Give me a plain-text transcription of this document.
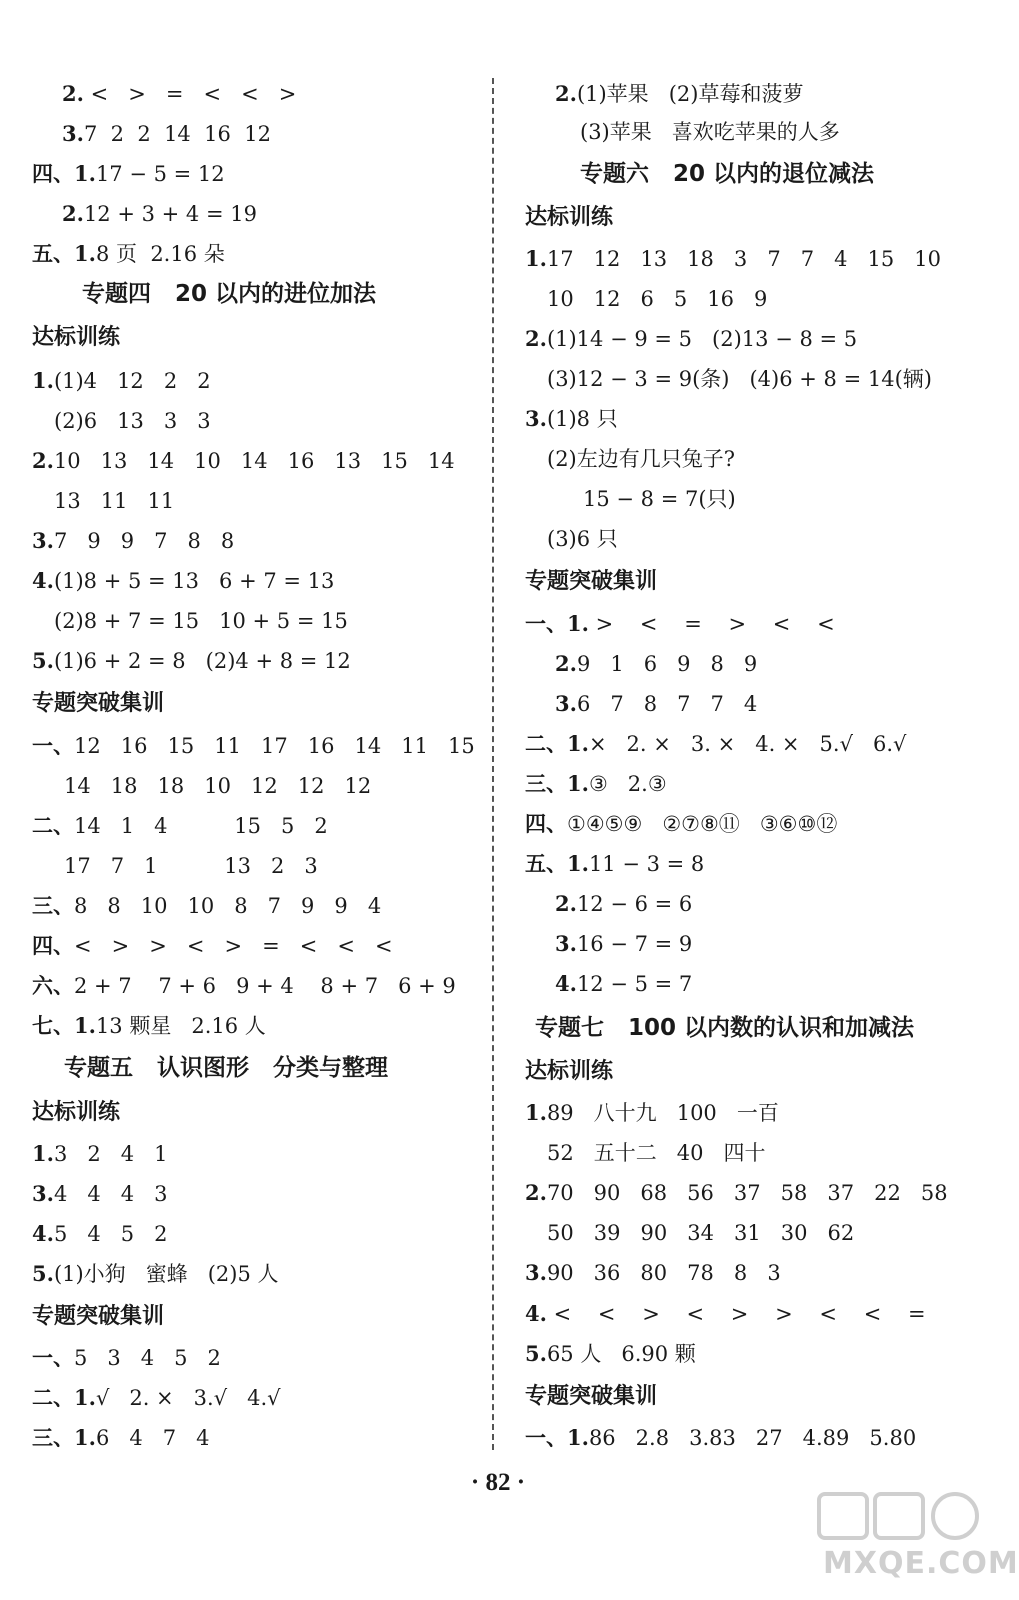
2. <   >   =   <   <   >
3.7  2  2  14  16  12
四、1.17 − 5 = 12
2.12 + 3 + 4 = 19
五、1.8 页  2.16 朵
专题四   20 以内的进位加法
达标训练
1.(1)4   12   2   2
(2)6   13   3   3
2.10   13   14   10   14   16   13   15   14
13   11   11
3.7   9   9   7   8   8
4.(1)8 + 5 = 13   6 + 7 = 13
(2)8 + 7 = 15   10 + 5 = 15
5.(1)6 + 2 = 8   (2)4 + 8 = 12
专题突破集训
一、12   16   15   11   17   16   14   11   15
14   18   18   10   12   12   12
二、14   1   4          15   5   2
17   7   1          13   2   3
三、8   8   10   10   8   7   9   9   4
四、<   >   >   <   >   =   <   <   <
六、2 + 7    7 + 6   9 + 4    8 + 7   6 + 9
七、1.13 颗星   2.16 人
专题五   认识图形   分类与整理
达标训练
1.3   2   4   1
3.4   4   4   3
4.5   4   5   2
5.(1)小狗   蜜蜂   (2)5 人
专题突破集训
一、5   3   4   5   2
二、1.√   2. ×   3.√   4.√
三、1.6   4   7   4
2.(1)苹果   (2)草莓和菠萝
(3)苹果   喜欢吃苹果的人多
专题六   20 以内的退位减法
达标训练
1.17   12   13   18   3   7   7   4   15   10
10   12   6   5   16   9
2.(1)14 − 9 = 5   (2)13 − 8 = 5
(3)12 − 3 = 9(条)   (4)6 + 8 = 14(辆)
3.(1)8 只
(2)左边有几只兔子?
15 − 8 = 7(只)
(3)6 只
专题突破集训
一、1. >    <    =    >    <    <
2.9   1   6   9   8   9
3.6   7   8   7   7   4
二、1.×   2. ×   3. ×   4. ×   5.√   6.√
三、1.③   2.③
四、①④⑤⑨   ②⑦⑧⑪   ③⑥⑩⑫
五、1.11 − 3 = 8
2.12 − 6 = 6
3.16 − 7 = 9
4.12 − 5 = 7
专题七   100 以内数的认识和加减法
达标训练
1.89   八十九   100   一百
52   五十二   40   四十
2.70   90   68   56   37   58   37   22   58
50   39   90   34   31   30   62
3.90   36   80   78   8   3
4. <    <    >    <    >    >    <    <    =
5.65 人   6.90 颗
专题突破集训
一、1.86   2.8   3.83   27   4.89   5.80
· 82 ·
MXQE.COM
